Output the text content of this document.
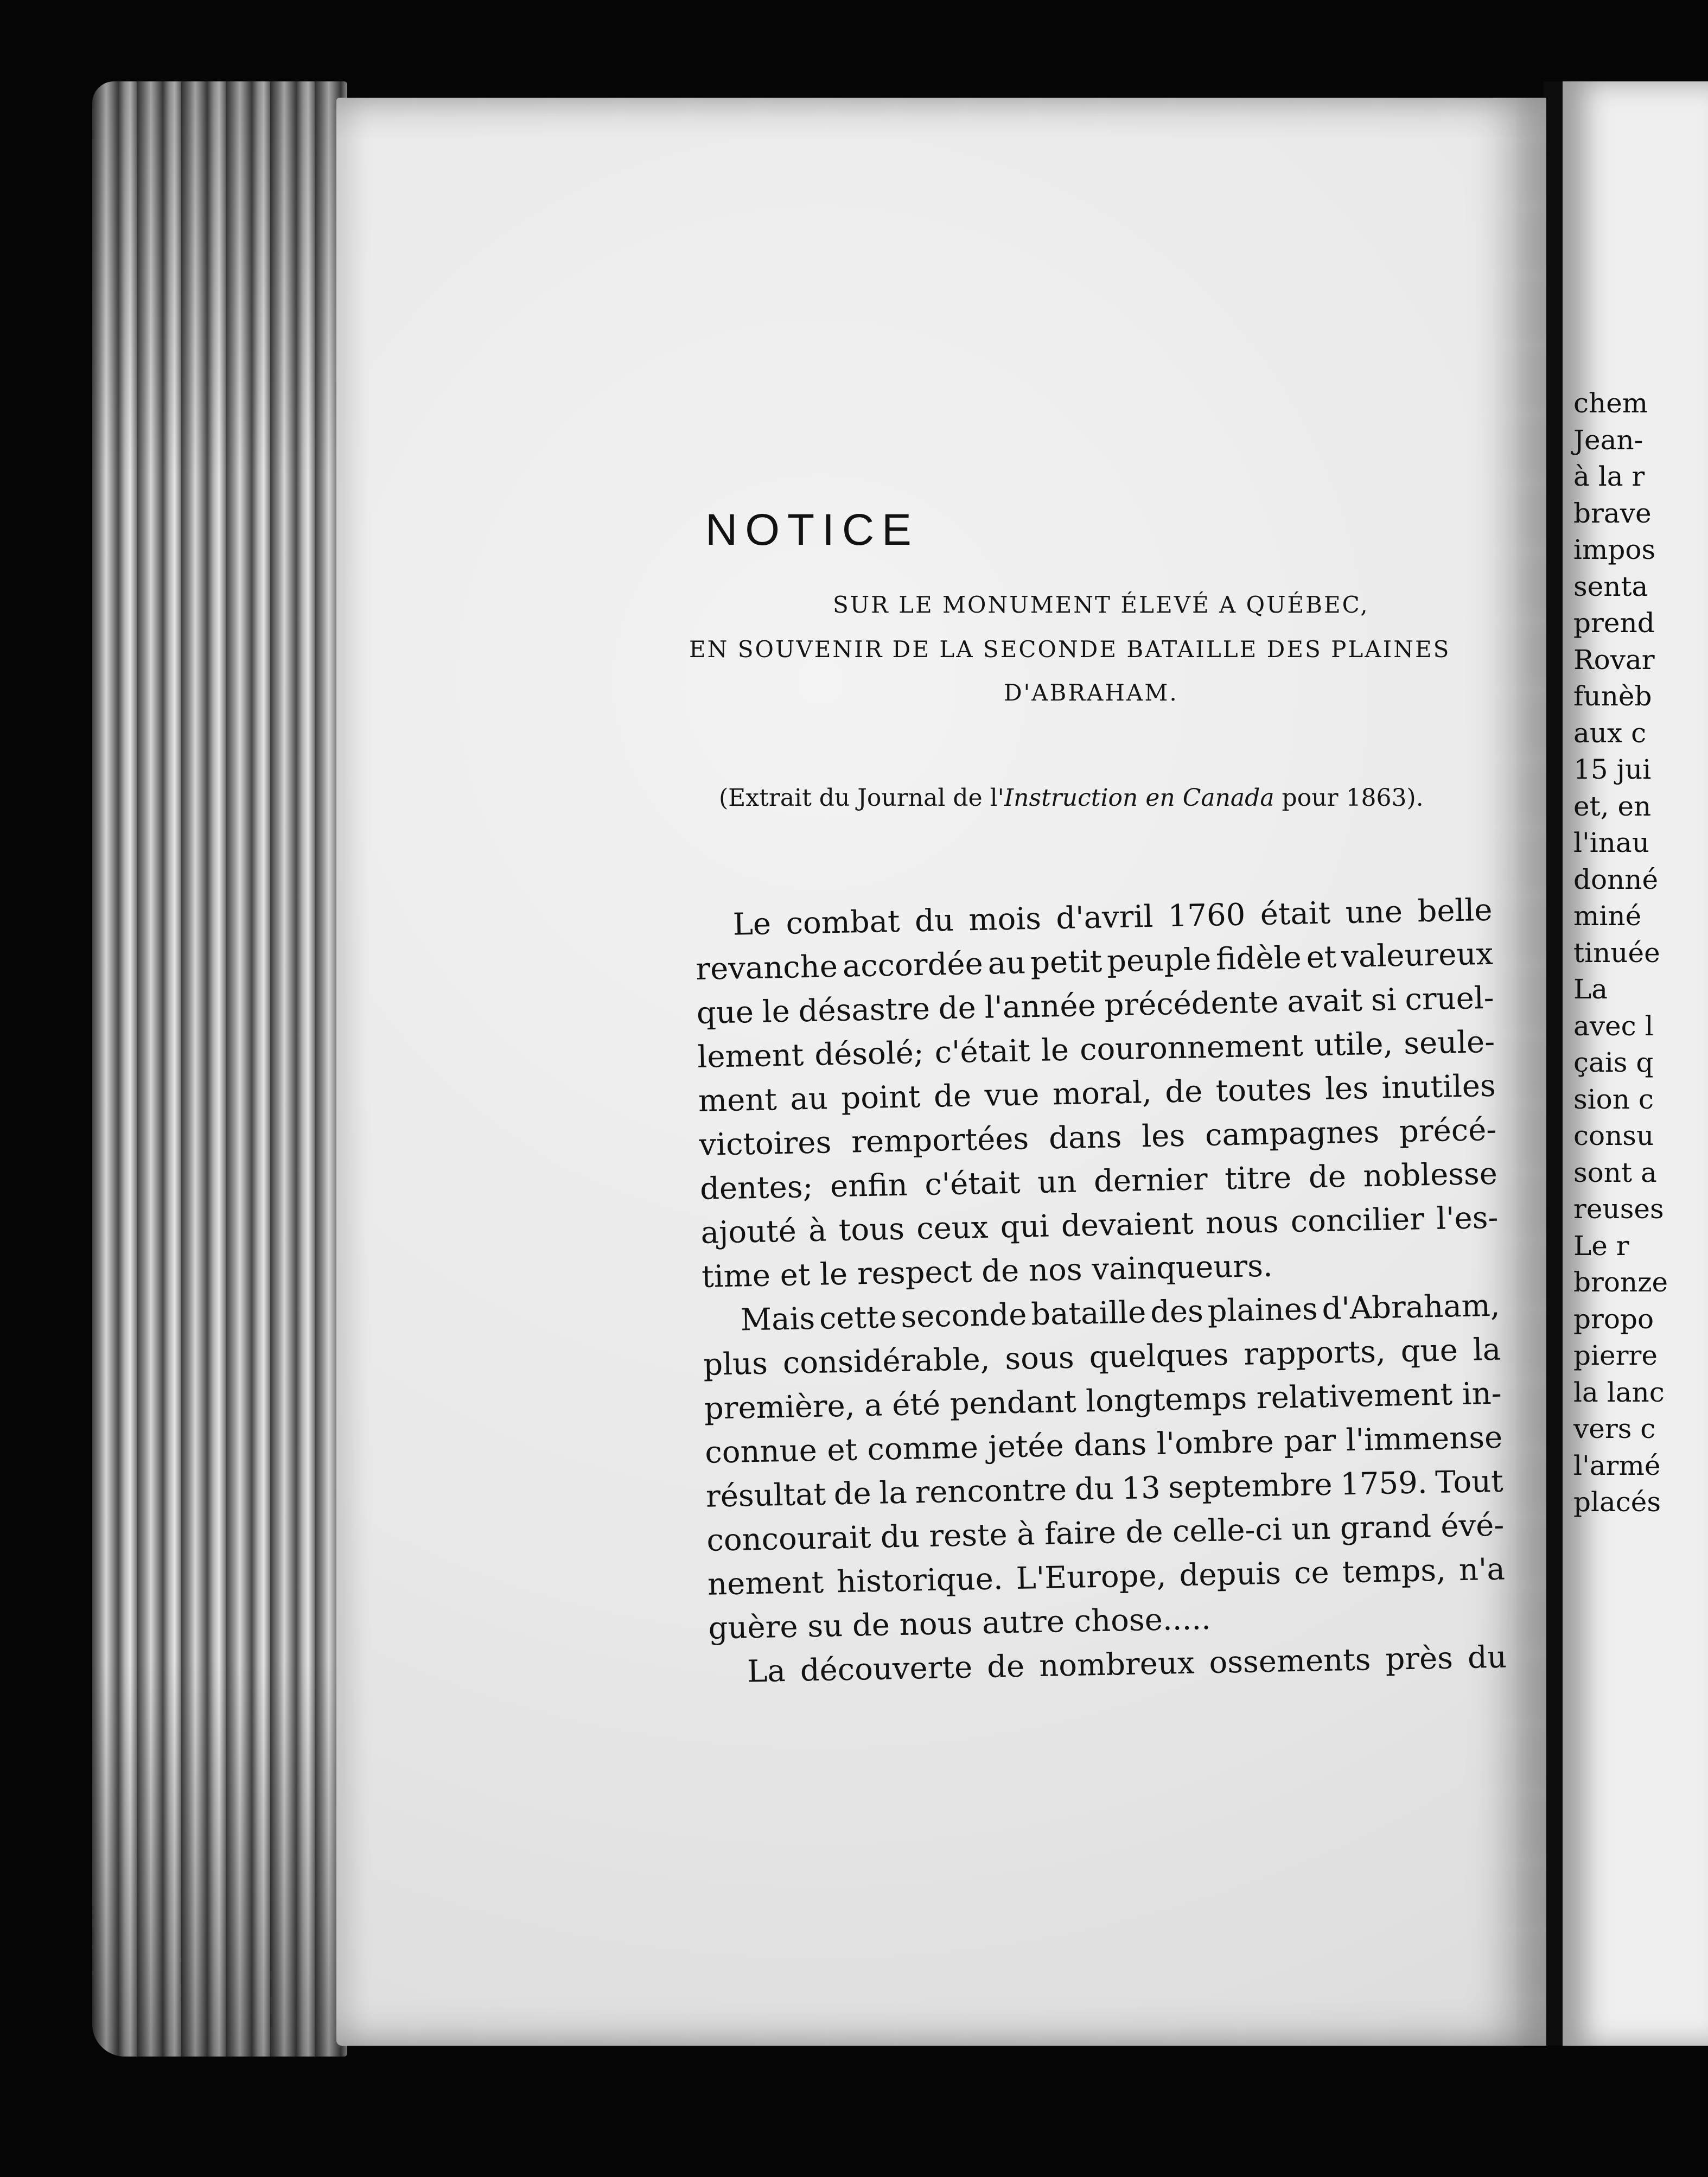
NOTICE
SUR LE MONUMENT ÉLEVÉ A QUÉBEC,
EN SOUVENIR DE LA SECONDE BATAILLE DES PLAINES
D'ABRAHAM.
(Extrait du Journal de l'Instruction en Canada pour 1863).
Le combat du mois d'avril 1760 était une belle
revanche accordée au petit peuple fidèle et valeureux
que le désastre de l'année précédente avait si cruel-
lement désolé; c'était le couronnement utile, seule-
ment au point de vue moral, de toutes les inutiles
victoires remportées dans les campagnes précé-
dentes; enfin c'était un dernier titre de noblesse
ajouté à tous ceux qui devaient nous concilier l'es-
time et le respect de nos vainqueurs.
Mais cette seconde bataille des plaines d'Abraham,
plus considérable, sous quelques rapports, que la
première, a été pendant longtemps relativement in-
connue et comme jetée dans l'ombre par l'immense
résultat de la rencontre du 13 septembre 1759. Tout
concourait du reste à faire de celle-ci un grand évé-
nement historique. L'Europe, depuis ce temps, n'a
guère su de nous autre chose.....
La découverte de nombreux ossements près du
chem
Jean-
à la r
brave
impos
senta
prend
Rovar
funèb
aux c
15 jui
et, en
l'inau
donné
miné
tinuée
La
avec l
çais q
sion c
consu
sont a
reuses
Le r
bronze
propo
pierre
la lanc
vers c
l'armé
placés
